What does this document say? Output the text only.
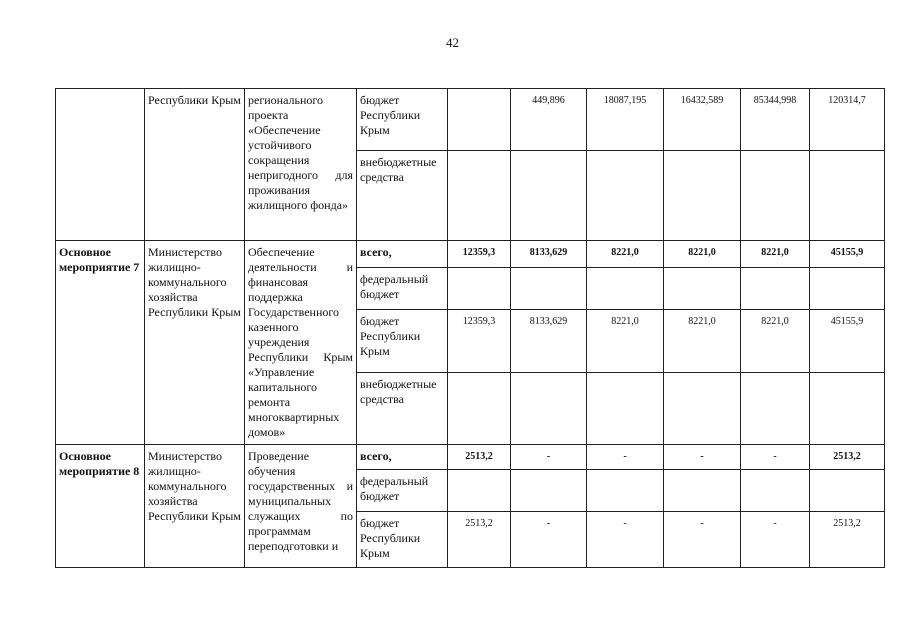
42
	Республики Крым	регионального проекта «Обеспечение устойчивого сокращения непригодного для проживания жилищного фонда»	бюджет Республики Крым		449,896	18087,195	16432,589	85344,998	120314,7
			внебюджетные средства						
Основное мероприятие 7	Министерство жилищно-коммунального хозяйства Республики Крым	Обеспечение деятельности и финансовая поддержка Государственного казенного учреждения Республики Крым «Управление капитального ремонта многоквартирных домов»	всего,	12359,3	8133,629	8221,0	8221,0	8221,0	45155,9
			федеральный бюджет						
			бюджет Республики Крым	12359,3	8133,629	8221,0	8221,0	8221,0	45155,9
			внебюджетные средства						
Основное мероприятие 8	Министерство жилищно-коммунального хозяйства Республики Крым	Проведение обучения государственных и муниципальных служащих по программам переподготовки и	всего,	2513,2	-	-	-	-	2513,2
			федеральный бюджет						
			бюджет Республики Крым	2513,2	-	-	-	-	2513,2
